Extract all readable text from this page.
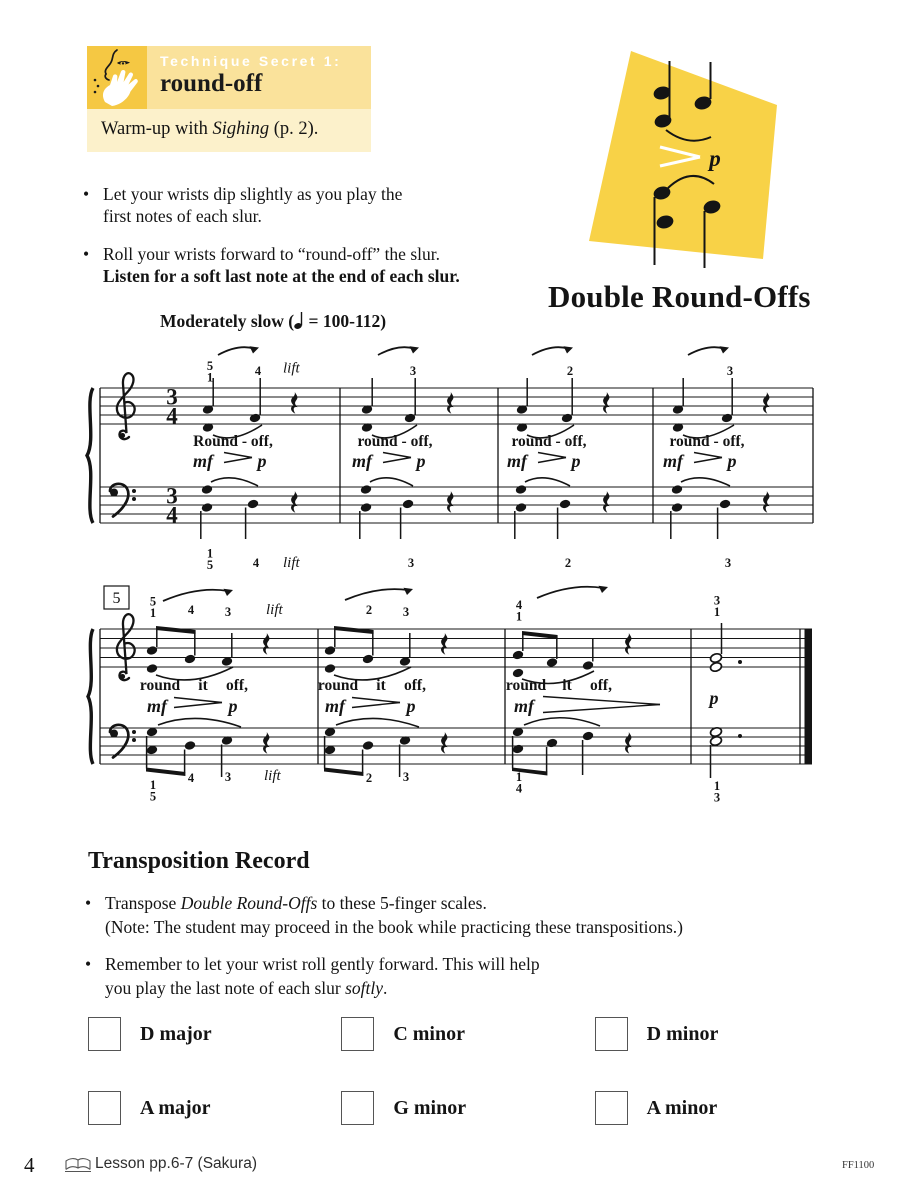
Technique Secret 1:
round-off
Warm-up with Sighing (p. 2).
• Let your wrists dip slightly as you play the
first notes of each slur.
• Roll your wrists forward to “round-off” the slur.
Listen for a soft last note at the end of each slur.
p
Double Round-Offs
Moderately slow ( = 100-112)
3
4
3
4
5
1	4 lift
Round - off,
mf p
1
5	4 lift
3
round - off,
mf p
3
2
round - off,
mf p
2
3
round - off,
mf p
3
5 5
1	4 3 lift
round it off,
mf	p
1
5
4 3 lift
2 3
round it off,
mf	p
2 3
4
1
round it off,
mf
1
4
3
1
p
1
3
Transposition Record
• Transpose Double Round-Offs to these 5-finger scales.
(Note: The student may proceed in the book while practicing these transpositions.)
• Remember to let your wrist roll gently forward. This will help
you play the last note of each slur softly.
D major	C minor	D minor
A major	G minor	A minor
4	Lesson pp.6-7 (Sakura)	FF1100
